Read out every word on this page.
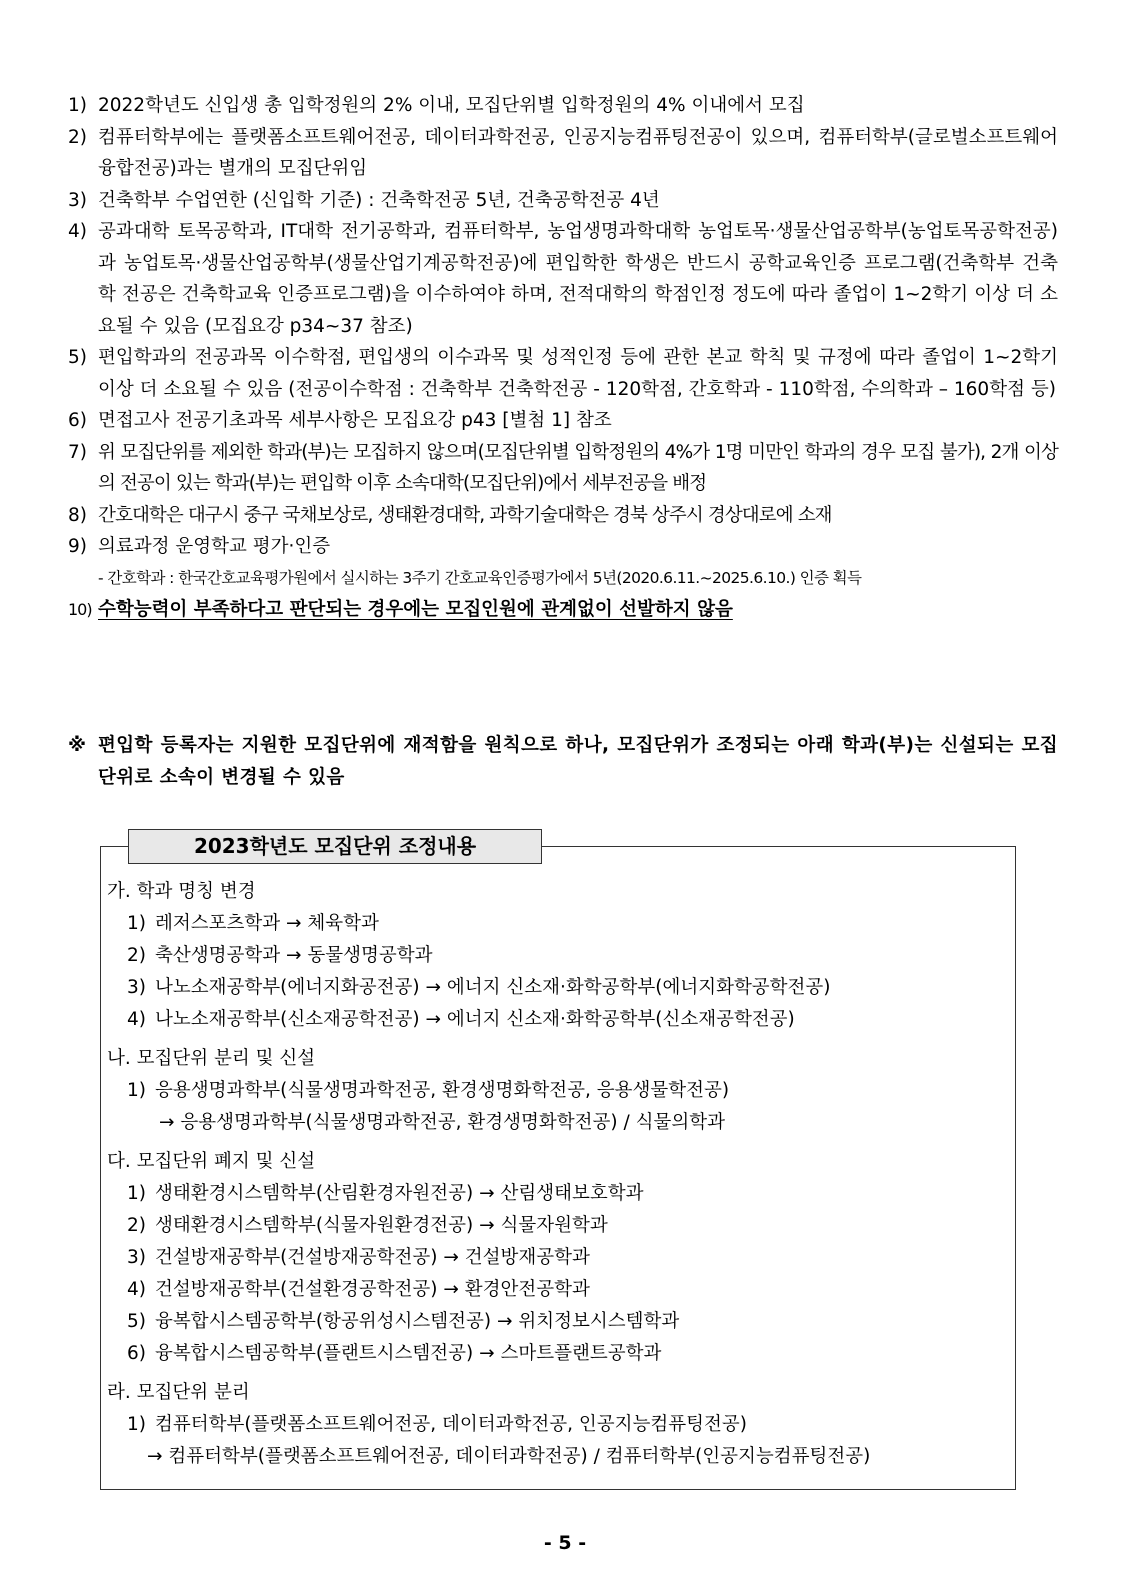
1) 2022학년도 신입생 총 입학정원의 2% 이내, 모집단위별 입학정원의 4% 이내에서 모집
2) 컴퓨터학부에는 플랫폼소프트웨어전공, 데이터과학전공, 인공지능컴퓨팅전공이 있으며, 컴퓨터학부(글로벌소프트웨어융합전공)과는 별개의 모집단위임
3) 건축학부 수업연한 (신입학 기준) : 건축학전공 5년, 건축공학전공 4년
4) 공과대학 토목공학과, IT대학 전기공학과, 컴퓨터학부, 농업생명과학대학 농업토목·생물산업공학부(농업토목공학전공)과 농업토목·생물산업공학부(생물산업기계공학전공)에 편입학한 학생은 반드시 공학교육인증 프로그램(건축학부 건축학 전공은 건축학교육 인증프로그램)을 이수하여야 하며, 전적대학의 학점인정 정도에 따라 졸업이 1~2학기 이상 더 소요될 수 있음 (모집요강 p34~37 참조)
5) 편입학과의 전공과목 이수학점, 편입생의 이수과목 및 성적인정 등에 관한 본교 학칙 및 규정에 따라 졸업이 1~2학기 이상 더 소요될 수 있음 (전공이수학점 : 건축학부 건축학전공 - 120학점, 간호학과 - 110학점, 수의학과 – 160학점 등)
6) 면접고사 전공기초과목 세부사항은 모집요강 p43 [별첨 1] 참조
7) 위 모집단위를 제외한 학과(부)는 모집하지 않으며(모집단위별 입학정원의 4%가 1명 미만인 학과의 경우 모집 불가), 2개 이상의 전공이 있는 학과(부)는 편입학 이후 소속대학(모집단위)에서 세부전공을 배정
8) 간호대학은 대구시 중구 국채보상로, 생태환경대학, 과학기술대학은 경북 상주시 경상대로에 소재
9) 의료과정 운영학교 평가·인증
- 간호학과 : 한국간호교육평가원에서 실시하는 3주기 간호교육인증평가에서 5년(2020.6.11.~2025.6.10.) 인증 획득
10) 수학능력이 부족하다고 판단되는 경우에는 모집인원에 관계없이 선발하지 않음
※ 편입학 등록자는 지원한 모집단위에 재적함을 원칙으로 하나, 모집단위가 조정되는 아래 학과(부)는 신설되는 모집단위로 소속이 변경될 수 있음
2023학년도 모집단위 조정내용
가. 학과 명칭 변경
1) 레저스포츠학과 → 체육학과
2) 축산생명공학과 → 동물생명공학과
3) 나노소재공학부(에너지화공전공) → 에너지 신소재·화학공학부(에너지화학공학전공)
4) 나노소재공학부(신소재공학전공) → 에너지 신소재·화학공학부(신소재공학전공)
나. 모집단위 분리 및 신설
1) 응용생명과학부(식물생명과학전공, 환경생명화학전공, 응용생물학전공)
→ 응용생명과학부(식물생명과학전공, 환경생명화학전공) / 식물의학과
다. 모집단위 폐지 및 신설
1) 생태환경시스템학부(산림환경자원전공) → 산림생태보호학과
2) 생태환경시스템학부(식물자원환경전공) → 식물자원학과
3) 건설방재공학부(건설방재공학전공) → 건설방재공학과
4) 건설방재공학부(건설환경공학전공) → 환경안전공학과
5) 융복합시스템공학부(항공위성시스템전공) → 위치정보시스템학과
6) 융복합시스템공학부(플랜트시스템전공) → 스마트플랜트공학과
라. 모집단위 분리
1) 컴퓨터학부(플랫폼소프트웨어전공, 데이터과학전공, 인공지능컴퓨팅전공)
→ 컴퓨터학부(플랫폼소프트웨어전공, 데이터과학전공) / 컴퓨터학부(인공지능컴퓨팅전공)
- 5 -
